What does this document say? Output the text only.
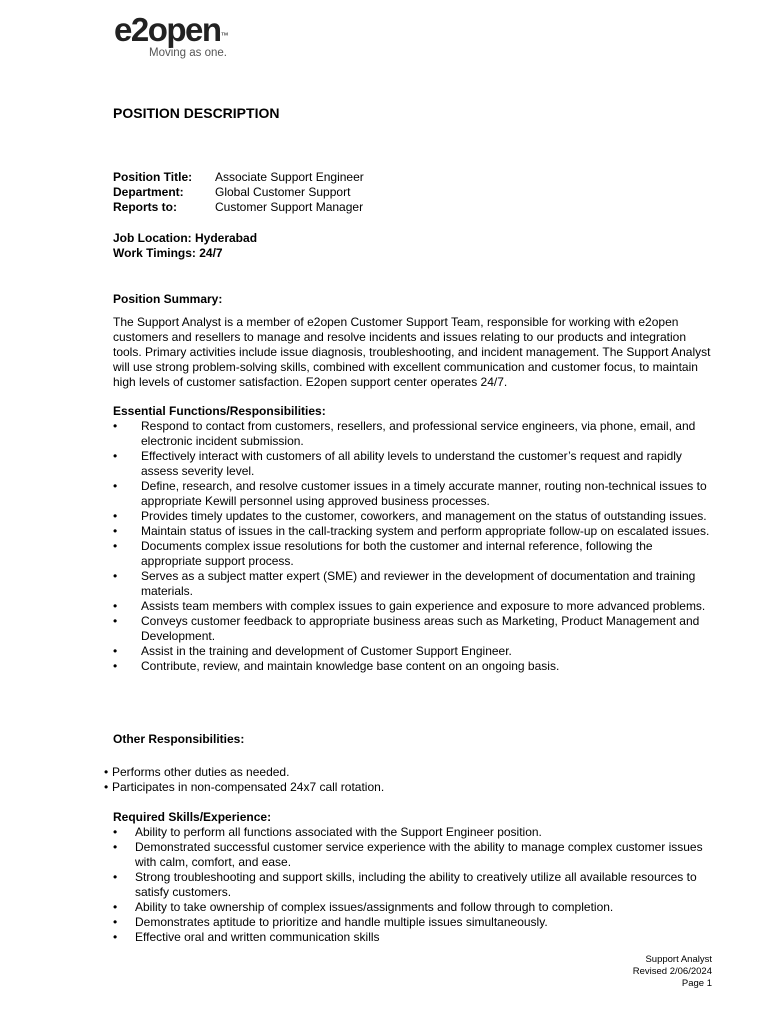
e2open™
Moving as one.
POSITION DESCRIPTION
Position Title:	Associate Support Engineer
Department:	Global Customer Support
Reports to:	Customer Support Manager
Job Location: Hyderabad
Work Timings: 24/7
Position Summary:
The Support Analyst is a member of e2open Customer Support Team, responsible for working with e2open customers and resellers to manage and resolve incidents and issues relating to our products and integration tools. Primary activities include issue diagnosis, troubleshooting, and incident management. The Support Analyst will use strong problem-solving skills, combined with excellent communication and customer focus, to maintain high levels of customer satisfaction. E2open support center operates 24/7.
Essential Functions/Responsibilities:
• Respond to contact from customers, resellers, and professional service engineers, via phone, email, and electronic incident submission.
• Effectively interact with customers of all ability levels to understand the customer’s request and rapidly assess severity level.
• Define, research, and resolve customer issues in a timely accurate manner, routing non-technical issues to appropriate Kewill personnel using approved business processes.
• Provides timely updates to the customer, coworkers, and management on the status of outstanding issues.
• Maintain status of issues in the call-tracking system and perform appropriate follow-up on escalated issues.
• Documents complex issue resolutions for both the customer and internal reference, following the appropriate support process.
• Serves as a subject matter expert (SME) and reviewer in the development of documentation and training materials.
• Assists team members with complex issues to gain experience and exposure to more advanced problems.
• Conveys customer feedback to appropriate business areas such as Marketing, Product Management and Development.
• Assist in the training and development of Customer Support Engineer.
• Contribute, review, and maintain knowledge base content on an ongoing basis.
Other Responsibilities:
• Performs other duties as needed.
• Participates in non-compensated 24x7 call rotation.
Required Skills/Experience:
• Ability to perform all functions associated with the Support Engineer position.
• Demonstrated successful customer service experience with the ability to manage complex customer issues with calm, comfort, and ease.
• Strong troubleshooting and support skills, including the ability to creatively utilize all available resources to satisfy customers.
• Ability to take ownership of complex issues/assignments and follow through to completion.
• Demonstrates aptitude to prioritize and handle multiple issues simultaneously.
• Effective oral and written communication skills
Support Analyst
Revised 2/06/2024
Page 1
